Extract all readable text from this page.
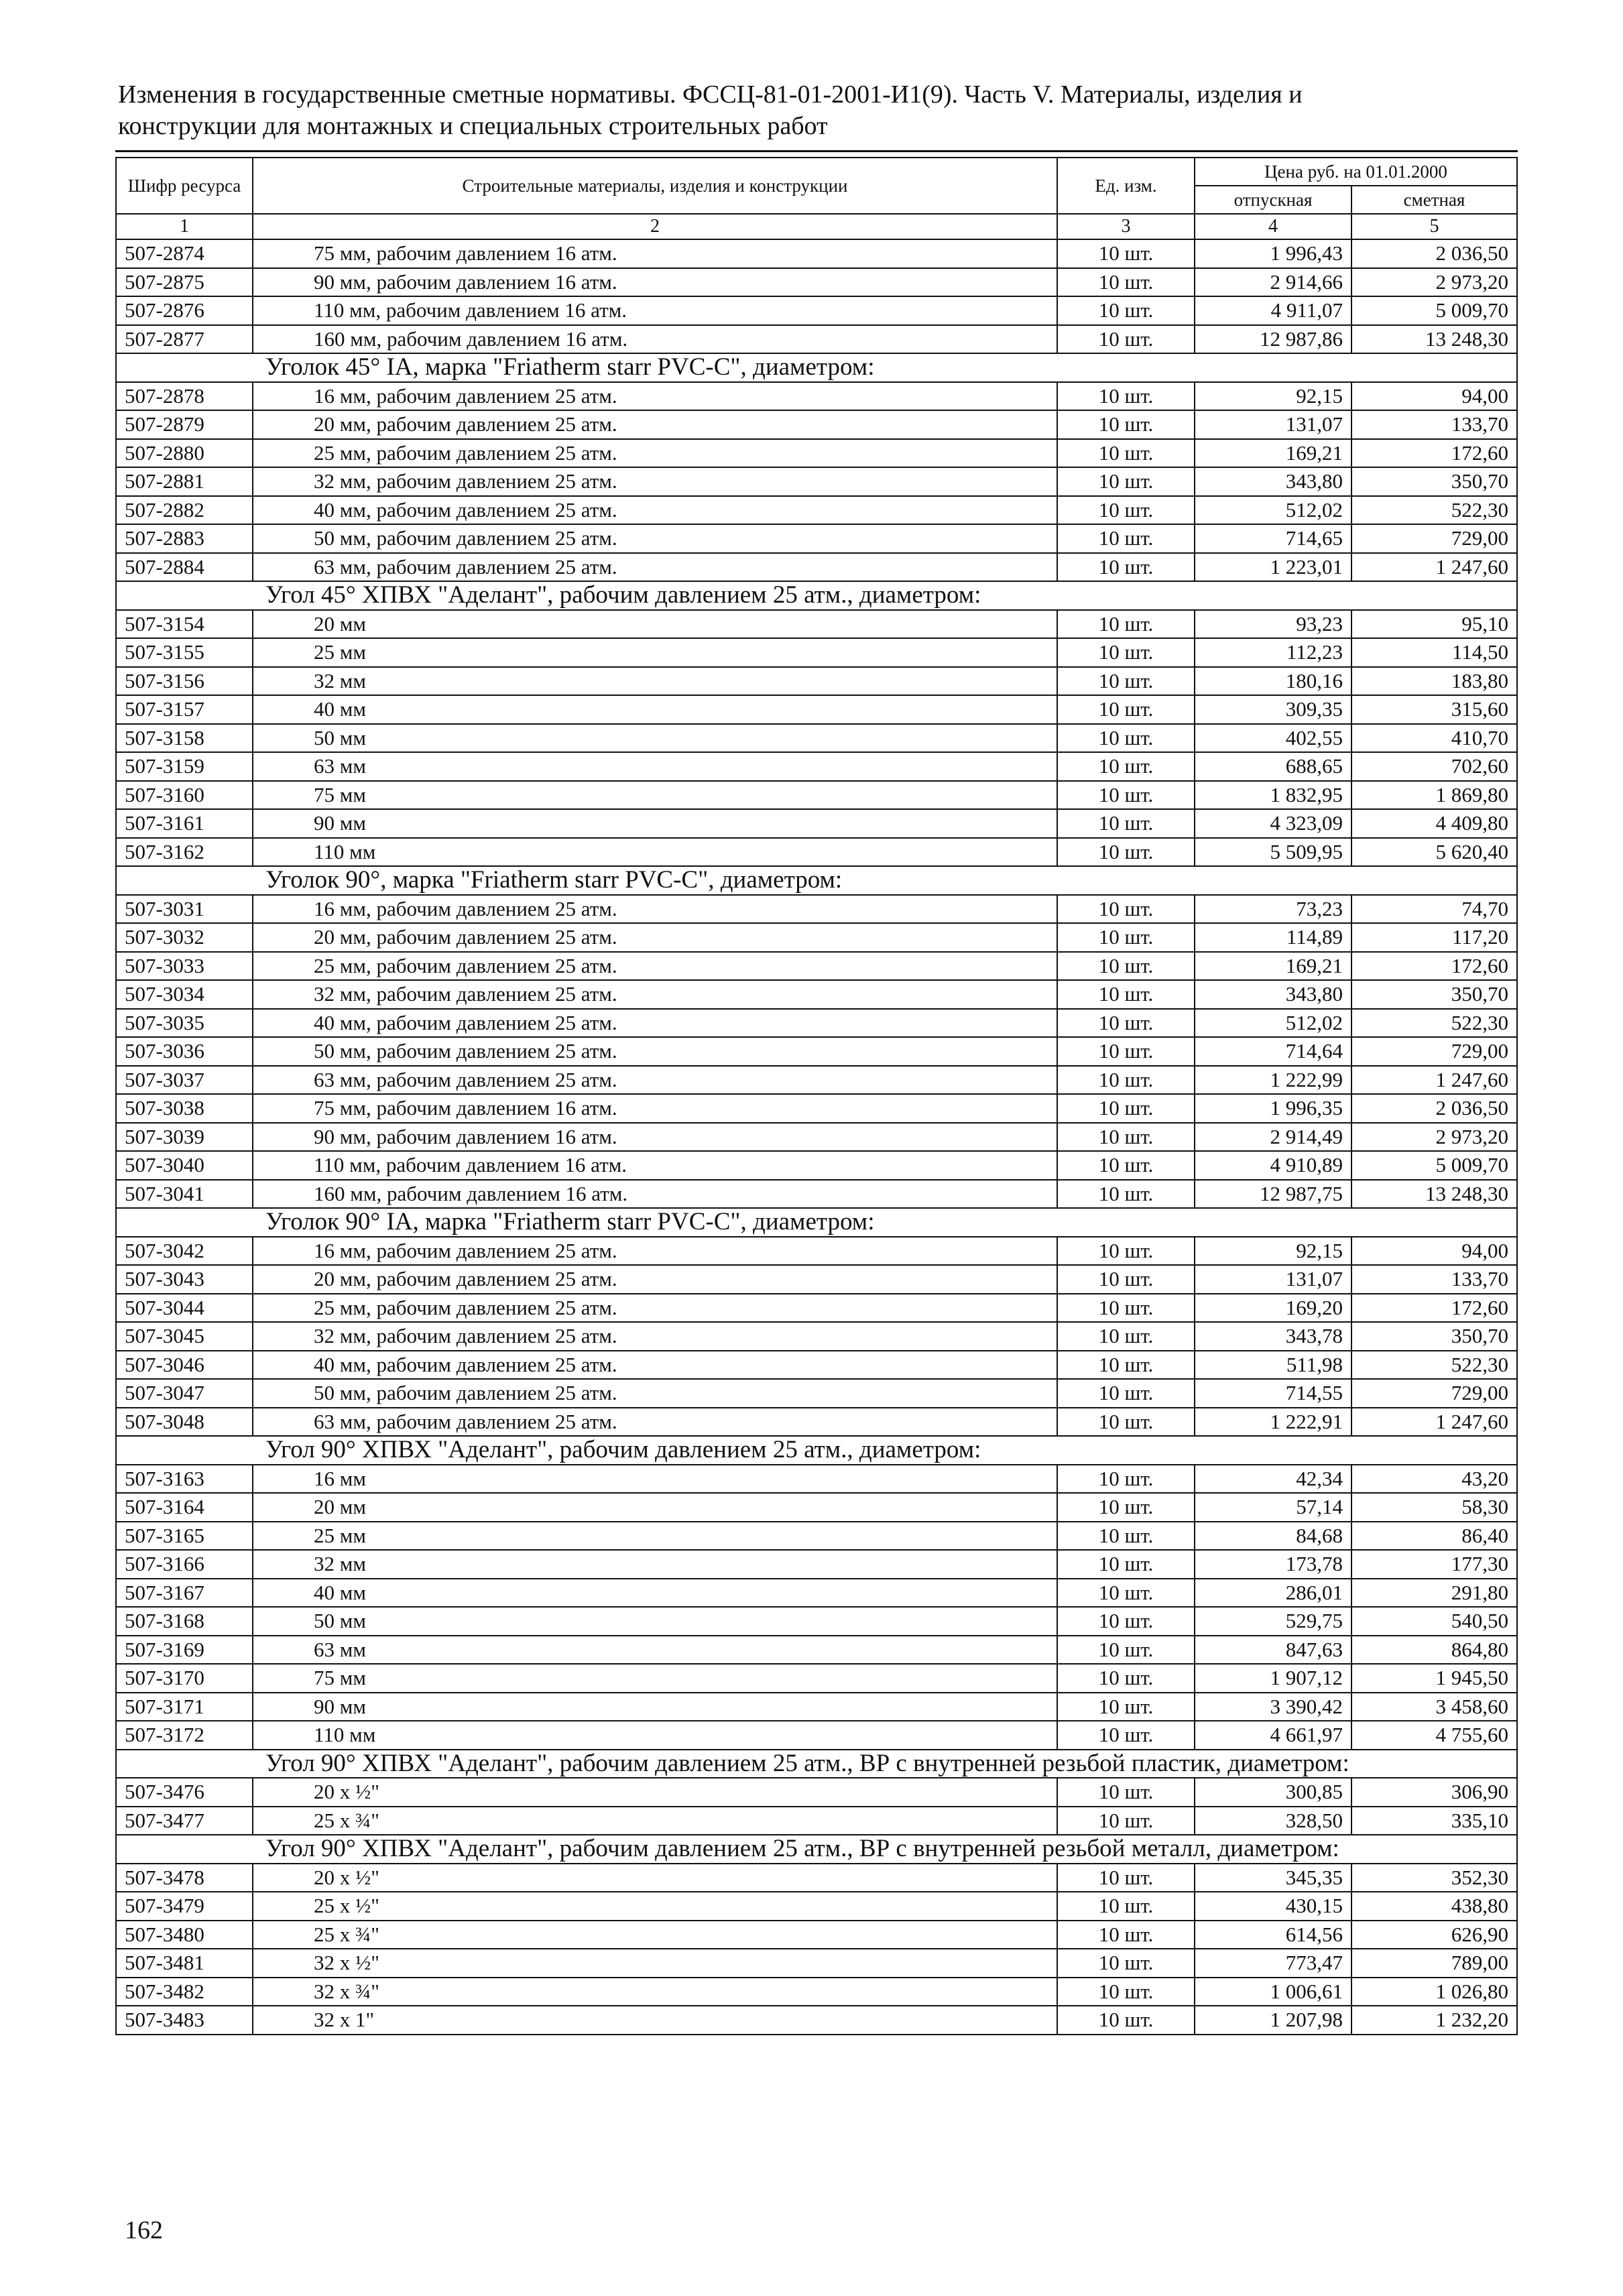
Изменения в государственные сметные нормативы. ФССЦ-81-01-2001-И1(9). Часть V. Материалы, изделия и
конструкции для монтажных и специальных строительных работ
Шифр ресурса	Строительные материалы, изделия и конструкции	Ед. изм.	Цена руб. на 01.01.2000	
			отпускная	сметная
1	2	3	4	5
507-2874	75 мм, рабочим давлением 16 атм.	10 шт.	1 996,43	2 036,50
507-2875	90 мм, рабочим давлением 16 атм.	10 шт.	2 914,66	2 973,20
507-2876	110 мм, рабочим давлением 16 атм.	10 шт.	4 911,07	5 009,70
507-2877	160 мм, рабочим давлением 16 атм.	10 шт.	12 987,86	13 248,30
Уголок 45° IA, марка "Friatherm starr PVC-C", диаметром:				
507-2878	16 мм, рабочим давлением 25 атм.	10 шт.	92,15	94,00
507-2879	20 мм, рабочим давлением 25 атм.	10 шт.	131,07	133,70
507-2880	25 мм, рабочим давлением 25 атм.	10 шт.	169,21	172,60
507-2881	32 мм, рабочим давлением 25 атм.	10 шт.	343,80	350,70
507-2882	40 мм, рабочим давлением 25 атм.	10 шт.	512,02	522,30
507-2883	50 мм, рабочим давлением 25 атм.	10 шт.	714,65	729,00
507-2884	63 мм, рабочим давлением 25 атм.	10 шт.	1 223,01	1 247,60
Угол 45° ХПВХ "Аделант", рабочим давлением 25 атм., диаметром:				
507-3154	20 мм	10 шт.	93,23	95,10
507-3155	25 мм	10 шт.	112,23	114,50
507-3156	32 мм	10 шт.	180,16	183,80
507-3157	40 мм	10 шт.	309,35	315,60
507-3158	50 мм	10 шт.	402,55	410,70
507-3159	63 мм	10 шт.	688,65	702,60
507-3160	75 мм	10 шт.	1 832,95	1 869,80
507-3161	90 мм	10 шт.	4 323,09	4 409,80
507-3162	110 мм	10 шт.	5 509,95	5 620,40
Уголок 90°, марка "Friatherm starr PVC-C", диаметром:				
507-3031	16 мм, рабочим давлением 25 атм.	10 шт.	73,23	74,70
507-3032	20 мм, рабочим давлением 25 атм.	10 шт.	114,89	117,20
507-3033	25 мм, рабочим давлением 25 атм.	10 шт.	169,21	172,60
507-3034	32 мм, рабочим давлением 25 атм.	10 шт.	343,80	350,70
507-3035	40 мм, рабочим давлением 25 атм.	10 шт.	512,02	522,30
507-3036	50 мм, рабочим давлением 25 атм.	10 шт.	714,64	729,00
507-3037	63 мм, рабочим давлением 25 атм.	10 шт.	1 222,99	1 247,60
507-3038	75 мм, рабочим давлением 16 атм.	10 шт.	1 996,35	2 036,50
507-3039	90 мм, рабочим давлением 16 атм.	10 шт.	2 914,49	2 973,20
507-3040	110 мм, рабочим давлением 16 атм.	10 шт.	4 910,89	5 009,70
507-3041	160 мм, рабочим давлением 16 атм.	10 шт.	12 987,75	13 248,30
Уголок 90° IA, марка "Friatherm starr PVC-C", диаметром:				
507-3042	16 мм, рабочим давлением 25 атм.	10 шт.	92,15	94,00
507-3043	20 мм, рабочим давлением 25 атм.	10 шт.	131,07	133,70
507-3044	25 мм, рабочим давлением 25 атм.	10 шт.	169,20	172,60
507-3045	32 мм, рабочим давлением 25 атм.	10 шт.	343,78	350,70
507-3046	40 мм, рабочим давлением 25 атм.	10 шт.	511,98	522,30
507-3047	50 мм, рабочим давлением 25 атм.	10 шт.	714,55	729,00
507-3048	63 мм, рабочим давлением 25 атм.	10 шт.	1 222,91	1 247,60
Угол 90° ХПВХ "Аделант", рабочим давлением 25 атм., диаметром:				
507-3163	16 мм	10 шт.	42,34	43,20
507-3164	20 мм	10 шт.	57,14	58,30
507-3165	25 мм	10 шт.	84,68	86,40
507-3166	32 мм	10 шт.	173,78	177,30
507-3167	40 мм	10 шт.	286,01	291,80
507-3168	50 мм	10 шт.	529,75	540,50
507-3169	63 мм	10 шт.	847,63	864,80
507-3170	75 мм	10 шт.	1 907,12	1 945,50
507-3171	90 мм	10 шт.	3 390,42	3 458,60
507-3172	110 мм	10 шт.	4 661,97	4 755,60
Угол 90° ХПВХ "Аделант", рабочим давлением 25 атм., ВР с внутренней резьбой пластик, диаметром:				
507-3476	20 х ½"	10 шт.	300,85	306,90
507-3477	25 х ¾"	10 шт.	328,50	335,10
Угол 90° ХПВХ "Аделант", рабочим давлением 25 атм., ВР с внутренней резьбой металл, диаметром:				
507-3478	20 х ½"	10 шт.	345,35	352,30
507-3479	25 х ½"	10 шт.	430,15	438,80
507-3480	25 х ¾"	10 шт.	614,56	626,90
507-3481	32 х ½"	10 шт.	773,47	789,00
507-3482	32 х ¾"	10 шт.	1 006,61	1 026,80
507-3483	32 х 1"	10 шт.	1 207,98	1 232,20
162
